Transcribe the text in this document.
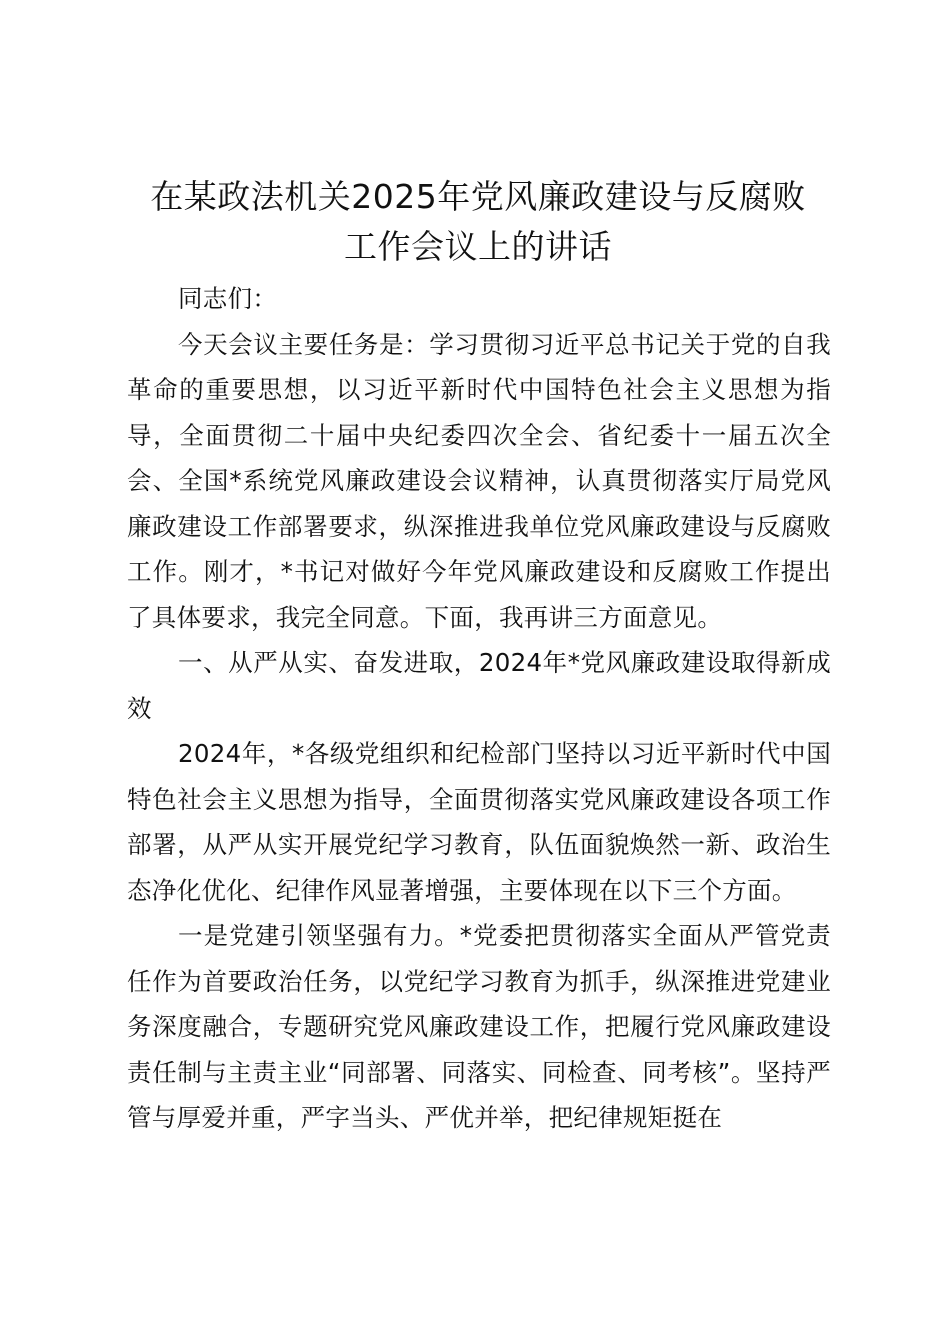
在某政法机关2025年党风廉政建设与反腐败
工作会议上的讲话

同志们：

今天会议主要任务是：学习贯彻习近平总书记关于党的自我革命的重要思想，以习近平新时代中国特色社会主义思想为指导，全面贯彻二十届中央纪委四次全会、省纪委十一届五次全会、全国*系统党风廉政建设会议精神，认真贯彻落实厅局党风廉政建设工作部署要求，纵深推进我单位党风廉政建设与反腐败工作。刚才，*书记对做好今年党风廉政建设和反腐败工作提出了具体要求，我完全同意。下面，我再讲三方面意见。

一、从严从实、奋发进取，2024年*党风廉政建设取得新成效

2024年，*各级党组织和纪检部门坚持以习近平新时代中国特色社会主义思想为指导，全面贯彻落实党风廉政建设各项工作部署，从严从实开展党纪学习教育，队伍面貌焕然一新、政治生态净化优化、纪律作风显著增强，主要体现在以下三个方面。

一是党建引领坚强有力。*党委把贯彻落实全面从严管党责任作为首要政治任务，以党纪学习教育为抓手，纵深推进党建业务深度融合，专题研究党风廉政建设工作，把履行党风廉政建设责任制与主责主业“同部署、同落实、同检查、同考核”。坚持严管与厚爱并重，严字当头、严优并举，把纪律规矩挺在
